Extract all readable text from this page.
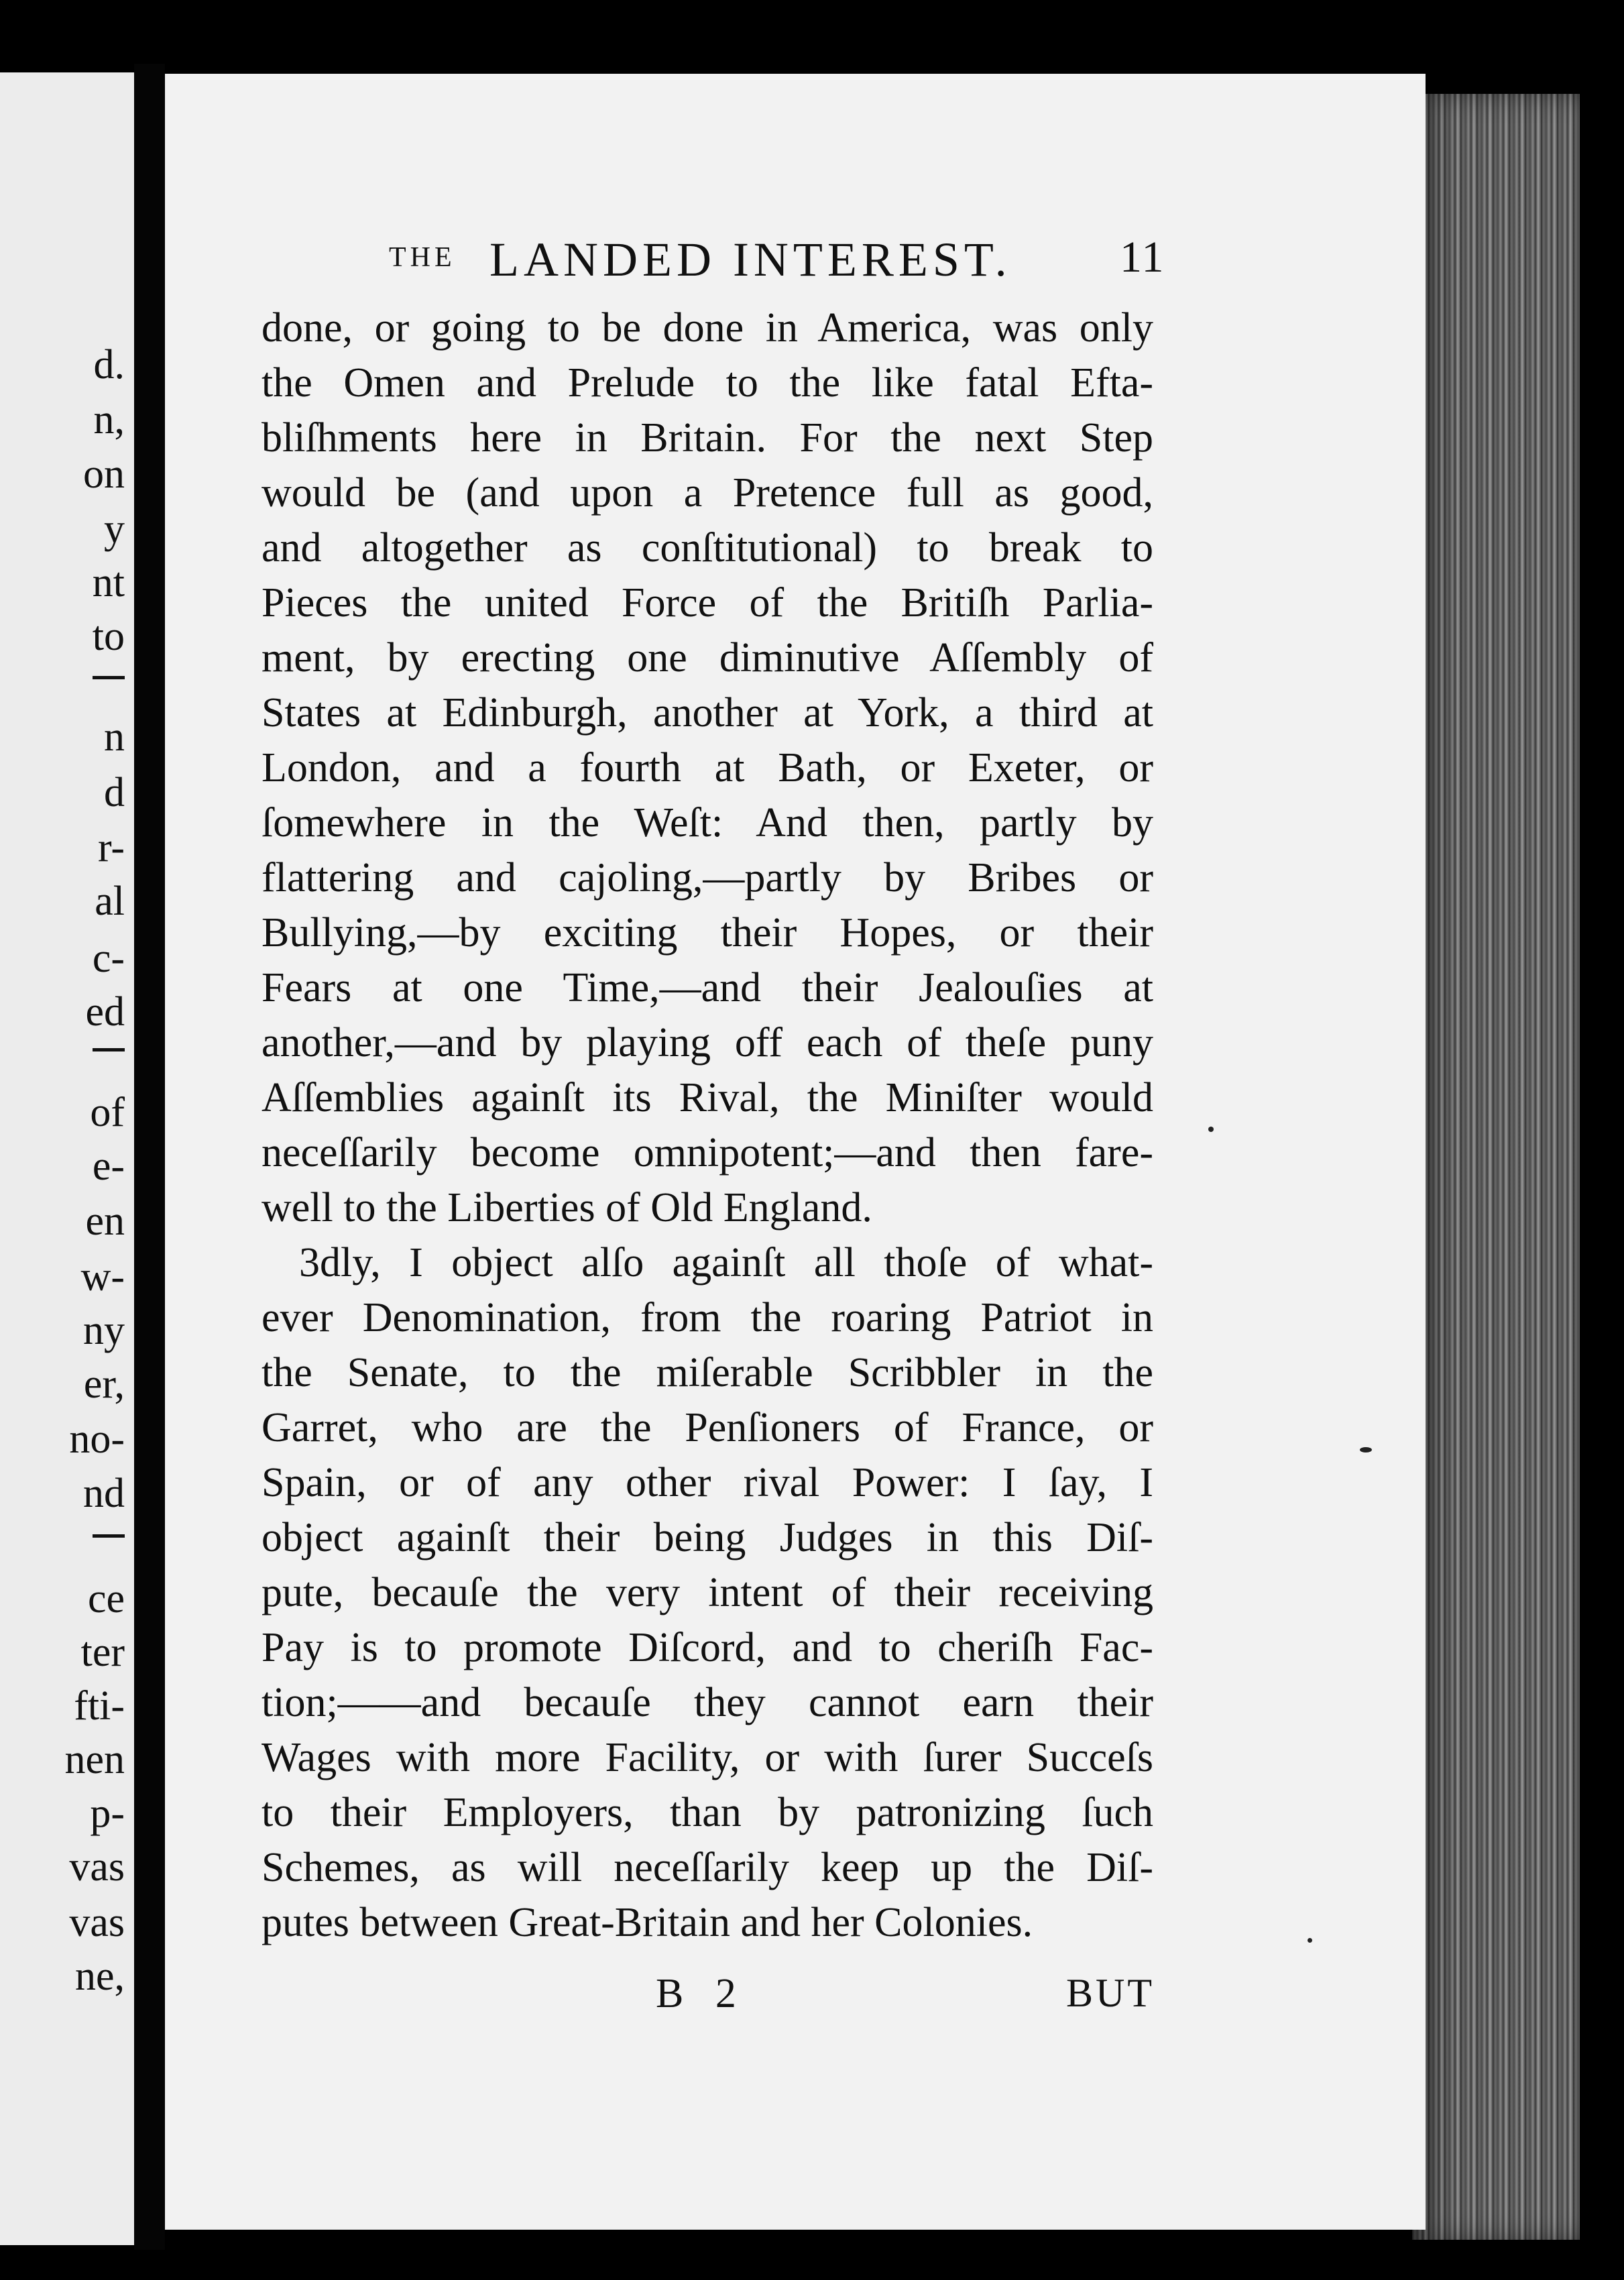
d.
n,
on
y
nt
to
n
d
r-
al
c-
ed
of
e-
en
w-
ny
er,
no-
nd
ce
ter
fti-
nen
p-
vas
vas
ne,
THE LANDED INTEREST. 11
done, or going to be done in America, was only
the Omen and Prelude to the like fatal Efta-
bliſhments here in Britain. For the next Step
would be (and upon a Pretence full as good,
and altogether as conſtitutional) to break to
Pieces the united Force of the Britiſh Parlia-
ment, by erecting one diminutive Aſſembly of
States at Edinburgh, another at York, a third at
London, and a fourth at Bath, or Exeter, or
ſomewhere in the Weſt: And then, partly by
flattering and cajoling,—partly by Bribes or
Bullying,—by exciting their Hopes, or their
Fears at one Time,—and their Jealouſies at
another,—and by playing off each of theſe puny
Aſſemblies againſt its Rival, the Miniſter would
neceſſarily become omnipotent;—and then fare-
well to the Liberties of Old England.
3dly, I object alſo againſt all thoſe of what-
ever Denomination, from the roaring Patriot in
the Senate, to the miſerable Scribbler in the
Garret, who are the Penſioners of France, or
Spain, or of any other rival Power: I ſay, I
object againſt their being Judges in this Diſ-
pute, becauſe the very intent of their receiving
Pay is to promote Diſcord, and to cheriſh Fac-
tion;——and becauſe they cannot earn their
Wages with more Facility, or with ſurer Succeſs
to their Employers, than by patronizing ſuch
Schemes, as will neceſſarily keep up the Diſ-
putes between Great-Britain and her Colonies.
B 2	BUT
